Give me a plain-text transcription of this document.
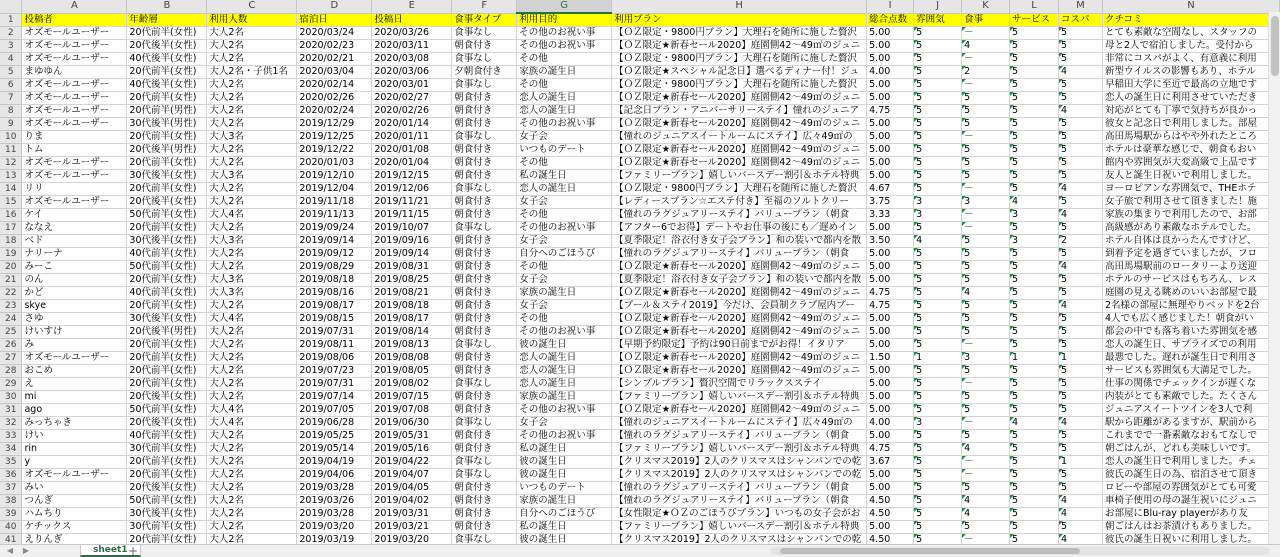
	A	B	C	D	E	F	G	H	I	J	K	L	M	N
1	投稿者	年齢層	利用人数	宿泊日	投稿日	食事タイプ	利用目的	利用プラン	総合点数	雰囲気	食事	サービス	コスパ	クチコミ
2	オズモールユーザー	20代前半(女性)	大人2名	2020/03/24	2020/03/26	食事なし	その他のお祝い事	【ＯＺ限定・9800円プラン】大理石を随所に施した贅沢	5.00	5	－	5	5	とても素敵な空間なし、スタッフの
3	オズモールユーザー	20代後半(女性)	大人2名	2020/02/23	2020/03/11	朝食付き	その他のお祝い事	【ＯＺ限定★新春セール2020】庭園側42～49㎡のジュニ	5.00	5	4	5	5	母と2人で宿泊しました。受付から
4	オズモールユーザー	40代後半(女性)	大人2名	2020/02/21	2020/03/08	食事なし	その他	【ＯＺ限定・9800円プラン】大理石を随所に施した贅沢	5.00	5	－	5	5	非常にコスパがよく、有意義に利用
5	まゆゆん	20代前半(女性)	大人2名・子供1名	2020/03/04	2020/03/06	夕朝食付き	家族の誕生日	【ＯＺ限定★スペシャル記念日】選べるディナー付！ジュ	4.00	5	2	5	4	新型ウイルスの影響もあり、ホテル
6	オズモールユーザー	40代後半(女性)	大人2名	2020/02/14	2020/03/01	食事なし	その他	【ＯＺ限定・9800円プラン】大理石を随所に施した贅沢	5.00	5	－	5	5	早稲田大学に至近で最高の立地です
7	オズモールユーザー	20代前半(女性)	大人2名	2020/02/26	2020/02/27	朝食付き	恋人の誕生日	【ＯＺ限定★新春セール2020】庭園側42～49㎡のジュニ	5.00	5	5	5	5	恋人の誕生日に利用させていただき
8	オズモールユーザー	20代前半(男性)	大人2名	2020/02/24	2020/02/26	朝食付き	恋人の誕生日	【記念日プラン・アニバーサリーステイ】憧れのジュニア	4.75	5	5	5	4	対応がとても丁寧で気持ちが良かっ
9	オズモールユーザー	30代後半(男性)	大人2名	2019/12/29	2020/01/14	朝食付き	その他のお祝い事	【ＯＺ限定★新春セール2020】庭園側42～49㎡のジュニ	5.00	5	5	5	5	彼女と記念日で利用しました。部屋
10	りま	20代前半(女性)	大人3名	2019/12/25	2020/01/11	食事なし	女子会	【憧れのジュニアスイートルームにステイ】広々49㎡の	5.00	5	－	5	5	高田馬場駅からはやや外れたところ
11	トム	20代後半(男性)	大人2名	2019/12/22	2020/01/08	朝食付き	いつものデート	【ＯＺ限定★新春セール2020】庭園側42～49㎡のジュニ	5.00	5	5	5	5	ホテルは豪華な感じで、朝食もおい
12	オズモールユーザー	20代前半(女性)	大人2名	2020/01/03	2020/01/04	朝食付き	その他	【ＯＺ限定★新春セール2020】庭園側42～49㎡のジュニ	5.00	5	5	5	5	館内や雰囲気が大変高級で上品です
13	オズモールユーザー	30代後半(女性)	大人3名	2019/12/10	2019/12/15	朝食付き	私の誕生日	【ファミリープラン】嬉しいバースデー割引＆ホテル特典	5.00	5	5	5	5	友人と誕生日祝いで利用しました。
14	リリ	20代前半(女性)	大人2名	2019/12/04	2019/12/06	食事なし	恋人の誕生日	【ＯＺ限定・9800円プラン】大理石を随所に施した贅沢	4.67	5	－	5	4	ヨーロピアンな雰囲気で、THEホテ
15	オズモールユーザー	20代後半(女性)	大人2名	2019/11/18	2019/11/21	朝食付き	女子会	【レディースプラン☆エステ付き】至福のソルトクリー	3.75	3	3	4	5	女子旅で利用させて頂きました！施
16	ケイ	50代前半(女性)	大人4名	2019/11/13	2019/11/15	朝食付き	その他	【憧れのラグジュアリーステイ】バリュープラン（朝食	3.33	3	－	3	4	家族の集まりで利用したので、お部
17	ななえ	20代前半(女性)	大人2名	2019/09/24	2019/10/07	食事なし	その他のお祝い事	【アフター6でお得】デートやお仕事の後にも／遅めイン	5.00	5	－	5	5	高級感があり素敵なホテルでした。
18	べド	30代後半(女性)	大人3名	2019/09/14	2019/09/16	朝食付き	女子会	【夏季限定！浴衣付き女子会プラン】和の装いで都内を散	3.50	4	5	3	2	ホテル自体は良かったんですけど、
19	ナリーナ	40代前半(女性)	大人2名	2019/09/12	2019/09/14	朝食付き	自分へのごほうび	【憧れのラグジュアリーステイ】バリュープラン（朝食	5.00	5	5	5	5	到着予定を過ぎていましたが、フロ
20	みーこ	50代前半(女性)	大人2名	2019/08/29	2019/08/31	朝食付き	その他	【ＯＺ限定★新春セール2020】庭園側42～49㎡のジュニ	5.00	5	5	5	4	高田馬場駅前のロータリーより送迎
21	のん	20代前半(女性)	大人3名	2019/08/18	2019/08/25	朝食付き	女子会	【夏季限定！浴衣付き女子会プラン】和の装いで都内を散	5.00	5	5	5	5	ホテルのサービスはもちろん、レス
22	かど	40代前半(女性)	大人3名	2019/08/16	2019/08/21	朝食付き	家族の誕生日	【ＯＺ限定★新春セール2020】庭園側42～49㎡のジュニ	4.75	5	4	5	5	庭園の見える眺めのいいお部屋で最
23	skye	20代前半(女性)	大人2名	2019/08/17	2019/08/18	朝食付き	女子会	【プール＆ステイ2019】今だけ、会員制クラブ屋内プー	4.75	5	5	5	4	2名様の部屋に無理やりベッドを2台
24	さゆ	30代後半(女性)	大人4名	2019/08/15	2019/08/17	朝食付き	その他	【ＯＺ限定★新春セール2020】庭園側42～49㎡のジュニ	5.00	5	5	5	5	4人でも広く感じました！朝食がい
25	けいすけ	20代後半(男性)	大人2名	2019/07/31	2019/08/14	朝食付き	その他のお祝い事	【ＯＺ限定★新春セール2020】庭園側42～49㎡のジュニ	5.00	5	5	5	5	都会の中でも落ち着いた雰囲気を感
26	み	20代前半(女性)	大人2名	2019/08/11	2019/08/13	食事なし	彼の誕生日	【早期予約限定】予約は90日前までがお得！イタリア	5.00	5	－	5	5	恋人の誕生日、サプライズでの利用
27	オズモールユーザー	20代前半(女性)	大人2名	2019/08/06	2019/08/08	朝食付き	恋人の誕生日	【ＯＺ限定★新春セール2020】庭園側42～49㎡のジュニ	1.50	1	3	1	1	最悪でした。遅れが誕生日で利用さ
28	おこめ	20代前半(女性)	大人2名	2019/07/23	2019/08/05	朝食付き	恋人の誕生日	【ＯＺ限定★新春セール2020】庭園側42～49㎡のジュニ	5.00	5	5	5	5	サービスも雰囲気も大満足でした。
29	え	20代前半(女性)	大人2名	2019/07/31	2019/08/02	食事なし	恋人の誕生日	【シンプルプラン】贅沢空間でリラックスステイ	5.00	5	－	5	5	仕事の関係でチェックインが遅くな
30	mi	20代後半(女性)	大人2名	2019/07/14	2019/07/15	朝食付き	家族の誕生日	【ファミリープラン】嬉しいバースデー割引＆ホテル特典	5.00	5	5	5	5	内装がとても素敵でした。たくさん
31	ago	50代前半(女性)	大人4名	2019/07/05	2019/07/08	朝食付き	その他のお祝い事	【ＯＺ限定★新春セール2020】庭園側42～49㎡のジュニ	5.00	5	5	5	5	ジュニアスイートツインを3人で利
32	みっちゃき	20代後半(女性)	大人4名	2019/06/28	2019/06/30	食事なし	女子会	【憧れのジュニアスイートルームにステイ】広々49㎡の	4.00	3	－	4	4	駅から距離があるますが、駅前から
33	けい	40代前半(女性)	大人2名	2019/05/25	2019/05/31	朝食付き	その他のお祝い事	【憧れのラグジュアリーステイ】バリュープラン（朝食	5.00	5	5	5	5	これまでで一番素敵なおもてなしで
34	rin	30代前半(女性)	大人2名	2019/05/14	2019/05/16	朝食付き	私の誕生日	【ファミリープラン】嬉しいバースデー割引＆ホテル特典	4.75	5	4	5	5	朝ごはんが、どれも美味しいです。
35	y	20代前半(女性)	大人2名	2019/04/19	2019/04/22	食事なし	彼の誕生日	【クリスマス2019】2人のクリスマスはシャンパンでの乾	3.67	5	－	5	1	恋人の誕生日で利用しました。チェ
36	オズモールユーザー	20代前半(女性)	大人2名	2019/04/06	2019/04/07	食事なし	彼の誕生日	【クリスマス2019】2人のクリスマスはシャンパンでの乾	5.00	5	－	5	5	彼氏の誕生日の為、宿泊させて頂き
37	みい	20代後半(女性)	大人2名	2019/03/28	2019/04/05	朝食付き	いつものデート	【憧れのラグジュアリーステイ】バリュープラン（朝食	5.00	5	5	5	5	ロビーや部屋の雰囲気がとても可愛
38	つんぎ	50代前半(女性)	大人2名	2019/03/26	2019/04/02	朝食付き	家族の誕生日	【憧れのラグジュアリーステイ】バリュープラン（朝食	4.50	5	4	5	4	車椅子使用の母の誕生祝いにジュニ
39	ハムちり	30代後半(女性)	大人2名	2019/03/28	2019/03/31	朝食付き	自分へのごほうび	【女性限定★ＯＺのごほうびプラン】いつもの女子会がお	4.50	5	4	5	4	お部屋にBlu-ray playerがあり友
40	ケチックス	30代前半(女性)	大人2名	2019/03/20	2019/03/21	朝食付き	私の誕生日	【ファミリープラン】嬉しいバースデー割引＆ホテル特典	5.00	5	5	5	5	朝ごはんはお茶漬けもありました。
41	えりんぎ	20代前半(女性)	大人2名	2019/03/19	2019/03/20	食事なし	彼の誕生日	【クリスマス2019】2人のクリスマスはシャンパンでの乾	4.50	5	－	5	4	彼氏の誕生日祝いに利用しました。

◀	▶	sheet1 +
